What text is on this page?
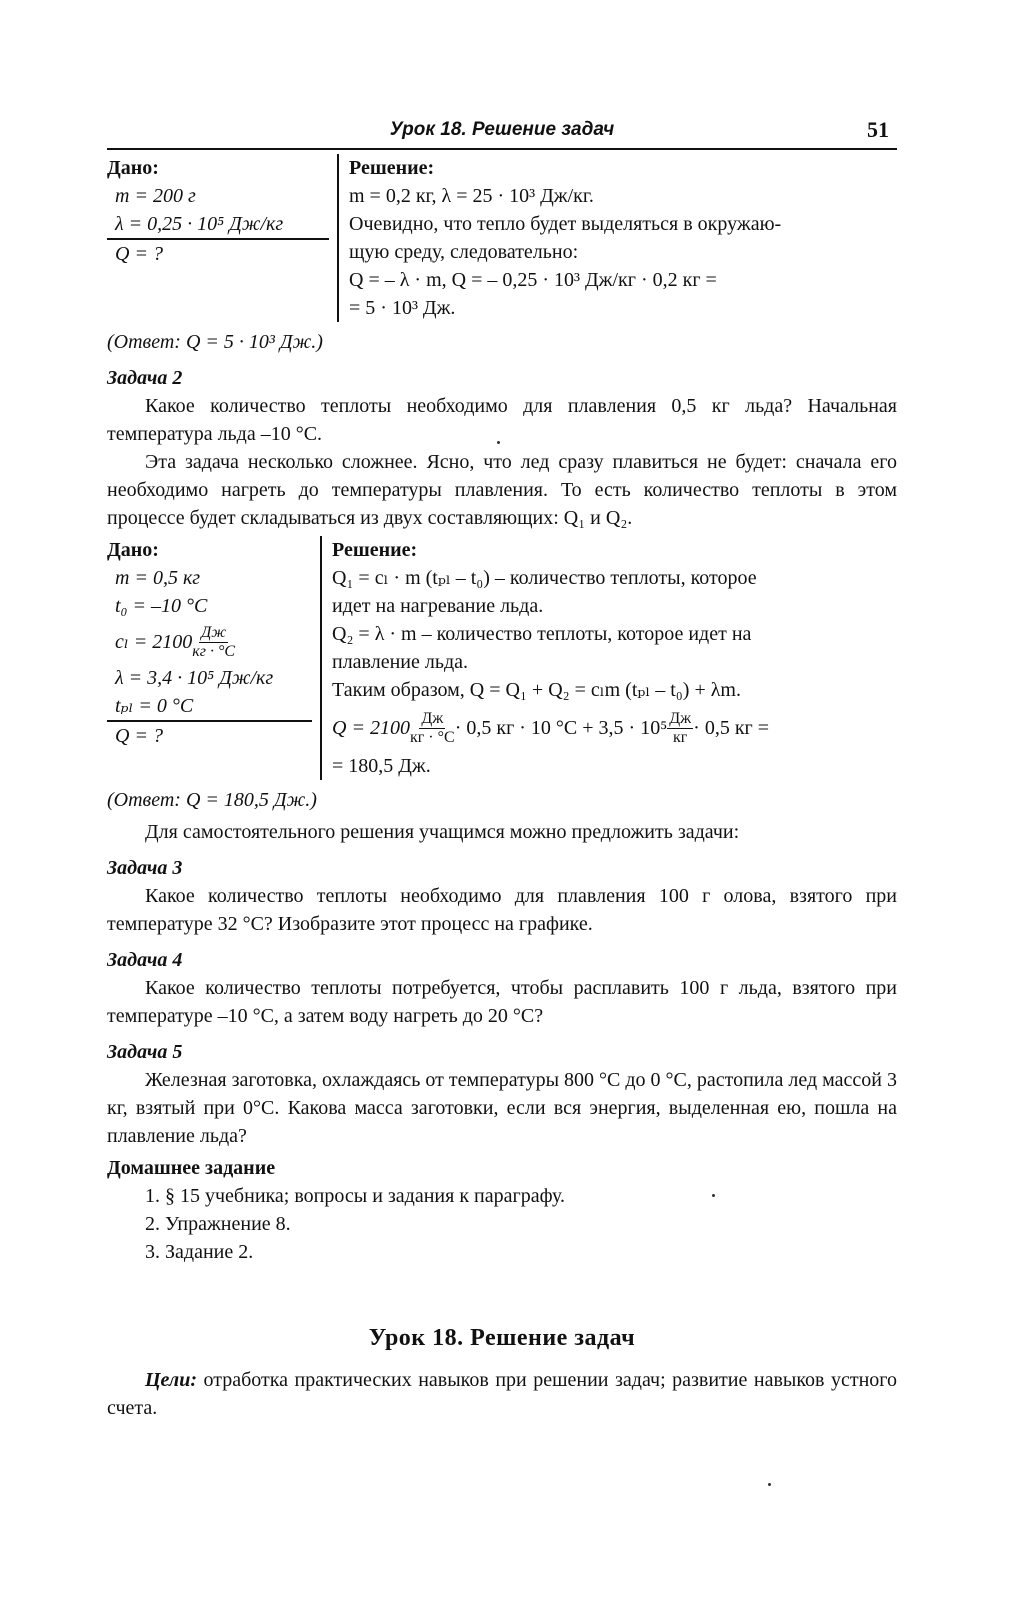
Урок 18. Решение задач	51
Дано:
m = 200 г
λ = 0,25 · 10⁵ Дж/кг
Q = ?
Решение:
m = 0,2 кг, λ = 25 · 10³ Дж/кг.
Очевидно, что тепло будет выделяться в окружаю-
щую среду, следовательно:
Q = – λ · m, Q = – 0,25 · 10³ Дж/кг · 0,2 кг =
= 5 · 10³ Дж.
(Ответ: Q = 5 · 10³ Дж.)
Задача 2
Какое количество теплоты необходимо для плавления 0,5 кг льда? Начальная температура льда –10 °С.
Эта задача несколько сложнее. Ясно, что лед сразу плавиться не будет: сначала его необходимо нагреть до температуры плавления. То есть количество теплоты в этом процессе будет складываться из двух составляющих: Q₁ и Q₂.
Дано:
m = 0,5 кг
t₀ = –10 °С
$c_l = 2100 \frac{Дж}{кг \cdot ^\circ С}$
λ = 3,4 · 10⁵ Дж/кг
tₚₗ = 0 °С
Q = ?
Решение:
Q₁ = cₗ · m (tₚₗ – t₀) – количество теплоты, которое
идет на нагревание льда.
Q₂ = λ · m – количество теплоты, которое идет на
плавление льда.
Таким образом, Q = Q₁ + Q₂ = cₗm (tₚₗ – t₀) + λm.
$Q = 2100 \frac{Дж}{кг \cdot ^\circ С} \cdot 0,5$ кг · 10 $^\circ С + 3,5 \cdot 10^5 \frac{Дж}{кг} \cdot 0,5$ кг =
= 180,5 Дж.
(Ответ: Q = 180,5 Дж.)
Для самостоятельного решения учащимся можно предложить задачи:
Задача 3
Какое количество теплоты необходимо для плавления 100 г олова, взятого при температуре 32 °С? Изобразите этот процесс на графике.
Задача 4
Какое количество теплоты потребуется, чтобы расплавить 100 г льда, взятого при температуре –10 °С, а затем воду нагреть до 20 °С?
Задача 5
Железная заготовка, охлаждаясь от температуры 800 °С до 0 °С, растопила лед массой 3 кг, взятый при 0°С. Какова масса заготовки, если вся энергия, выделенная ею, пошла на плавление льда?
Домашнее задание
1. § 15 учебника; вопросы и задания к параграфу.
2. Упражнение 8.
3. Задание 2.
Урок 18. Решение задач
Цели: отработка практических навыков при решении задач; развитие навыков устного счета.
